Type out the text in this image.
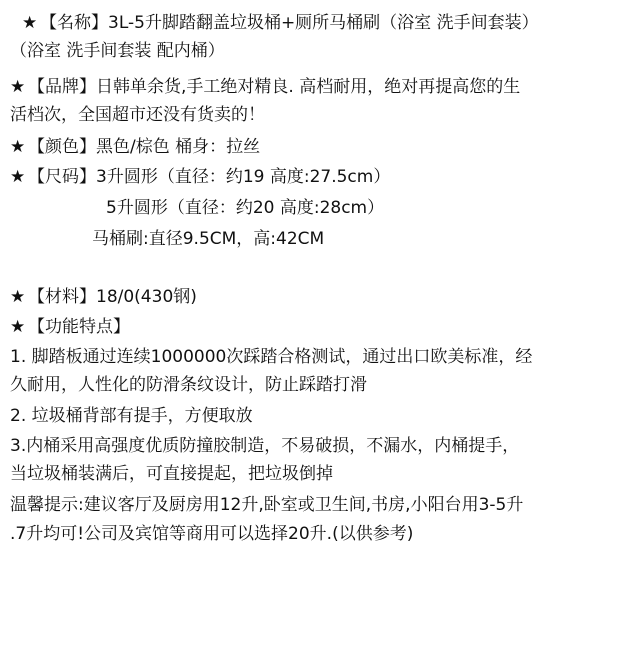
★ 【名称】3L-5升脚踏翻盖垃圾桶+厕所马桶刷（浴室 洗手间套装）
（浴室 洗手间套装 配内桶）
★ 【品牌】日韩单余货,手工绝对精良. 高档耐用，绝对再提高您的生
活档次，全国超市还没有货卖的！
★ 【颜色】黑色/棕色 桶身：拉丝
★ 【尺码】3升圆形（直径：约19 高度:27.5cm）
5升圆形（直径：约20 高度:28cm）
马桶刷:直径9.5CM，高:42CM
★ 【材料】18/0(430钢)
★ 【功能特点】
1. 脚踏板通过连续1000000次踩踏合格测试，通过出口欧美标准，经
久耐用，人性化的防滑条纹设计，防止踩踏打滑
2. 垃圾桶背部有提手，方便取放
3.内桶采用高强度优质防撞胶制造，不易破损，不漏水，内桶提手，
当垃圾桶装满后，可直接提起，把垃圾倒掉
温馨提示:建议客厅及厨房用12升,卧室或卫生间,书房,小阳台用3-5升
.7升均可!公司及宾馆等商用可以选择20升.(以供参考)
